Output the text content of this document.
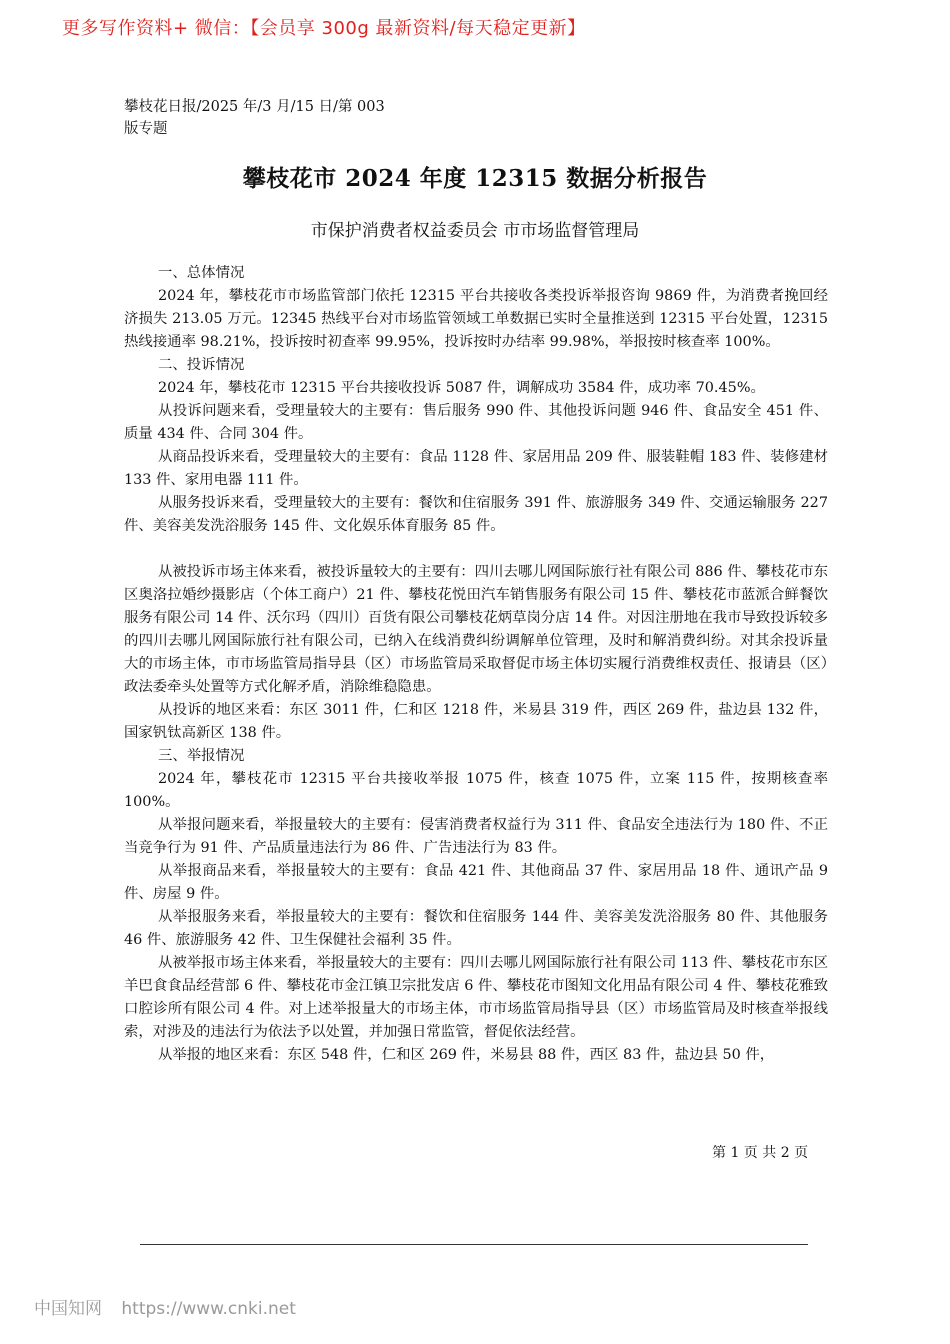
更多写作资料+ 微信：【会员享 300g 最新资料/每天稳定更新】
攀枝花日报/2025 年/3 月/15 日/第 003
版专题
攀枝花市 2024 年度 12315 数据分析报告
市保护消费者权益委员会 市市场监督管理局

一、总体情况

2024 年，攀枝花市市场监管部门依托 12315 平台共接收各类投诉举报咨询 9869 件，为消费者挽回经济损失 213.05 万元。12345 热线平台对市场监管领域工单数据已实时全量推送到 12315 平台处置，12315 热线接通率 98.21%，投诉按时初查率 99.95%，投诉按时办结率 99.98%，举报按时核查率 100%。

二、投诉情况

2024 年，攀枝花市 12315 平台共接收投诉 5087 件，调解成功 3584 件，成功率 70.45%。

从投诉问题来看，受理量较大的主要有：售后服务 990 件、其他投诉问题 946 件、食品安全 451 件、质量 434 件、合同 304 件。

从商品投诉来看，受理量较大的主要有：食品 1128 件、家居用品 209 件、服装鞋帽 183 件、装修建材 133 件、家用电器 111 件。

从服务投诉来看，受理量较大的主要有：餐饮和住宿服务 391 件、旅游服务 349 件、交通运输服务 227 件、美容美发洗浴服务 145 件、文化娱乐体育服务 85 件。

从被投诉市场主体来看，被投诉量较大的主要有：四川去哪儿网国际旅行社有限公司 886 件、攀枝花市东区奥洛拉婚纱摄影店（个体工商户）21 件、攀枝花悦田汽车销售服务有限公司 15 件、攀枝花市蓝派合鲜餐饮服务有限公司 14 件、沃尔玛（四川）百货有限公司攀枝花炳草岗分店 14 件。对因注册地在我市导致投诉较多的四川去哪儿网国际旅行社有限公司，已纳入在线消费纠纷调解单位管理，及时和解消费纠纷。对其余投诉量大的市场主体，市市场监管局指导县（区）市场监管局采取督促市场主体切实履行消费维权责任、报请县（区）政法委牵头处置等方式化解矛盾，消除维稳隐患。

从投诉的地区来看：东区 3011 件，仁和区 1218 件，米易县 319 件，西区 269 件，盐边县 132 件，国家钒钛高新区 138 件。

三、举报情况

2024 年，攀枝花市 12315 平台共接收举报 1075 件，核查 1075 件，立案 115 件，按期核查率 100%。

从举报问题来看，举报量较大的主要有：侵害消费者权益行为 311 件、食品安全违法行为 180 件、不正当竞争行为 91 件、产品质量违法行为 86 件、广告违法行为 83 件。

从举报商品来看，举报量较大的主要有：食品 421 件、其他商品 37 件、家居用品 18 件、通讯产品 9 件、房屋 9 件。

从举报服务来看，举报量较大的主要有：餐饮和住宿服务 144 件、美容美发洗浴服务 80 件、其他服务 46 件、旅游服务 42 件、卫生保健社会福利 35 件。

从被举报市场主体来看，举报量较大的主要有：四川去哪儿网国际旅行社有限公司 113 件、攀枝花市东区羊巴食食品经营部 6 件、攀枝花市金江镇卫宗批发店 6 件、攀枝花市图知文化用品有限公司 4 件、攀枝花雅致口腔诊所有限公司 4 件。对上述举报量大的市场主体，市市场监管局指导县（区）市场监管局及时核查举报线索，对涉及的违法行为依法予以处置，并加强日常监管，督促依法经营。

从举报的地区来看：东区 548 件，仁和区 269 件，米易县 88 件，西区 83 件，盐边县 50 件，

第 1 页 共 2 页
中国知网 https://www.cnki.net
